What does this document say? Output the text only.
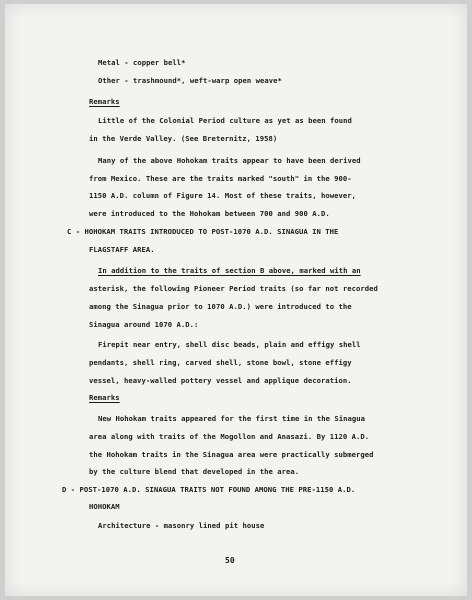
Metal - copper bell*
Other - trashmound*, weft-warp open weave*
Remarks
Little of the Colonial Period culture as yet as been found
in the Verde Valley. (See Breternitz, 1958)
Many of the above Hohokam traits appear to have been derived
from Mexico. These are the traits marked "south" in the 900-
1150 A.D. column of Figure 14. Most of these traits, however,
were introduced to the Hohokam between 700 and 900 A.D.
C - HOHOKAM TRAITS INTRODUCED TO POST-1070 A.D. SINAGUA IN THE
FLAGSTAFF AREA.
In addition to the traits of section B above, marked with an
asterisk, the following Pioneer Period traits (so far not recorded
among the Sinagua prior to 1070 A.D.) were introduced to the
Sinagua around 1070 A.D.:
Firepit near entry, shell disc beads, plain and effigy shell
pendants, shell ring, carved shell, stone bowl, stone effigy
vessel, heavy-walled pottery vessel and applique decoration.
Remarks
New Hohokam traits appeared for the first time in the Sinagua
area along with traits of the Mogollon and Anasazi. By 1120 A.D.
the Hohokam traits in the Sinagua area were practically submerged
by the culture blend that developed in the area.
D - POST-1070 A.D. SINAGUA TRAITS NOT FOUND AMONG THE PRE-1150 A.D.
HOHOKAM
Architecture - masonry lined pit house
50
